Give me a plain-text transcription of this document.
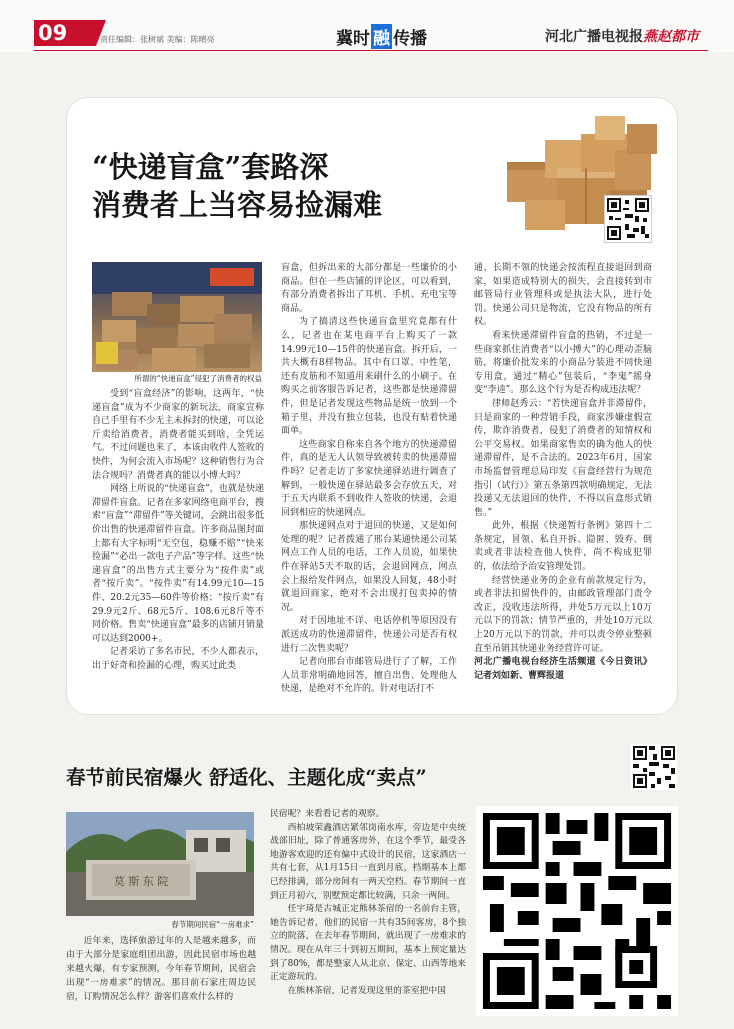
09	责任编辑：张树斌 美编：陈晴亮	冀时 融 传播	河北广播电视报燕赵都市
“快递盲盒”套路深
消费者上当容易捡漏难
所谓的“快递盲盒”侵犯了消费者的权益

受到“盲盒经济”的影响，这两年，“快递盲盒”成为不少商家的新玩法，商家宣称自己手里有不少无主未拆封的快递，可以论斤卖给消费者，消费者能买到啥，全凭运气。不过问题也来了，本该由收件人签收的快件，为何会流入市场呢？这种销售行为合法合规吗？消费者真的能以小博大吗？

网络上所说的“快递盲盒”，也就是快递滞留件盲盒。记者在多家网络电商平台，搜索“盲盒”“滞留件”等关键词，会跳出很多低价出售的快递滞留件盲盒。许多商品图封面上都有大字标明“无空包，稳赚不赔”“快来捡漏”“必出一款电子产品”等字样。这些“快递盲盒”的出售方式主要分为“按件卖”或者“按斤卖”。“按件卖”有14.99元10—15件、20.2元35—60件等价格；“按斤卖”有29.9元2斤、68元5斤、108.6元8斤等不同价格。售卖“快递盲盒”最多的店铺月销量可以达到2000+。

记者采访了多名市民，不少人都表示，出于好奇和捡漏的心理，购买过此类

盲盒，但拆出来的大部分都是一些廉价的小商品。但在一些店铺的评论区，可以看到，有部分消费者拆出了耳机、手机、充电宝等商品。

为了搞清这些快递盲盒里究竟都有什么，记者也在某电商平台上购买了一款14.99元10—15件的快递盲盒。拆开后，一共大概有8样物品。其中有口罩、中性笔，还有皮筋和不知道用来刷什么的小刷子。在购买之前客服告诉记者，这些都是快递滞留件，但是记者发现这些物品是统一放到一个箱子里，并没有独立包装，也没有贴着快递面单。

这些商家自称来自各个地方的快递滞留件，真的是无人认领导致被转卖的快递滞留件吗？记者走访了多家快递驿站进行调查了解到，一般快递在驿站最多会存放五天，对于五天内联系不到收件人签收的快递，会退回到相应的快递网点。

那快递网点对于退回的快递，又是如何处理的呢？记者拨通了邢台某通快递公司某网点工作人员的电话，工作人员说，如果快件在驿站5天不取的话，会退回网点，网点会上报给发件网点，如果没人回复，48小时就退回商家，绝对不会出现打包卖掉的情况。

对于因地址不详、电话停机等原因没有派送成功的快递滞留件，快递公司是否有权进行二次售卖呢？

记者向邢台市邮管局进行了了解，工作人员非常明确地回答，擅自出售、处理他人快递，是绝对不允许的。针对电话打不

通、长期不领的快递会按流程直接退回到商家，如果造成特别大的损失，会直接转到市邮管局行业管理科或是执法大队，进行处罚。快递公司只是物流，它没有物品的所有权。

看来快递滞留件盲盒的热销，不过是一些商家抓住消费者“以小搏大”的心理动歪脑筋，将廉价批发来的小商品分装进不同快递专用盒，通过“精心”包装后，“李鬼”摇身变“李逵”。那么这个行为是否构成违法呢？

律师赵秀云：“若快递盲盒并非滞留件，只是商家的一种营销手段，商家涉嫌虚假宣传，欺诈消费者，侵犯了消费者的知情权和公平交易权。如果商家售卖的确为他人的快递滞留件，是不合法的。2023年6月，国家市场监督管理总局印发《盲盒经营行为规范指引（试行）》第五条第四款明确规定，无法投递又无法退回的快件，不得以盲盒形式销售。”

此外，根据《快递暂行条例》第四十二条规定，冒领、私自开拆、隐匿、毁弃、倒卖或者非法检查他人快件，尚不构成犯罪的，依法给予治安管理处罚。

经营快递业务的企业有前款规定行为，或者非法扣留快件的，由邮政管理部门责令改正，没收违法所得，并处5万元以上10万元以下的罚款；情节严重的，并处10万元以上20万元以下的罚款，并可以责令停业整顿直至吊销其快递业务经营许可证。

河北广播电视台经济生活频道《今日资讯》记者刘如新、曹辉报道

春节前民宿爆火 舒适化、主题化成“卖点”
莫 斯 东 院
春节期间民宿“一房难求”

近年来，选择旅游过年的人是越来越多，而由于大部分是家庭组团出游，因此民宿市场也越来越火爆，有专家预测，今年春节期间，民宿会出现“一房难求”的情况。那目前石家庄周边民宿，订购情况怎么样？游客们喜欢什么样的

民宿呢？来看看记者的观察。

西柏坡荣鑫酒店紧邻岗南水库，旁边是中央统战部旧址，除了普通客房外，在这个季节，最受各地游客欢迎的还有偏中式设计的民宿，这家酒店一共有七套，从1月15日一直到月底，档期基本上都已经排满，部分房间有一两天空档。春节期间一直到正月初六，别墅预定都比较满，只余一两间。

任宇琦是古城正定熊林茶宿的一名前台主管，她告诉记者，他们的民宿一共有35间客房，8个独立的院落，在去年春节期间，就出现了一房难求的情况。现在从年三十到初五期间，基本上预定量达到了80%，都是整家人从北京、保定、山西等地来正定游玩的。

在熊林茶宿，记者发现这里的茶室把中国
